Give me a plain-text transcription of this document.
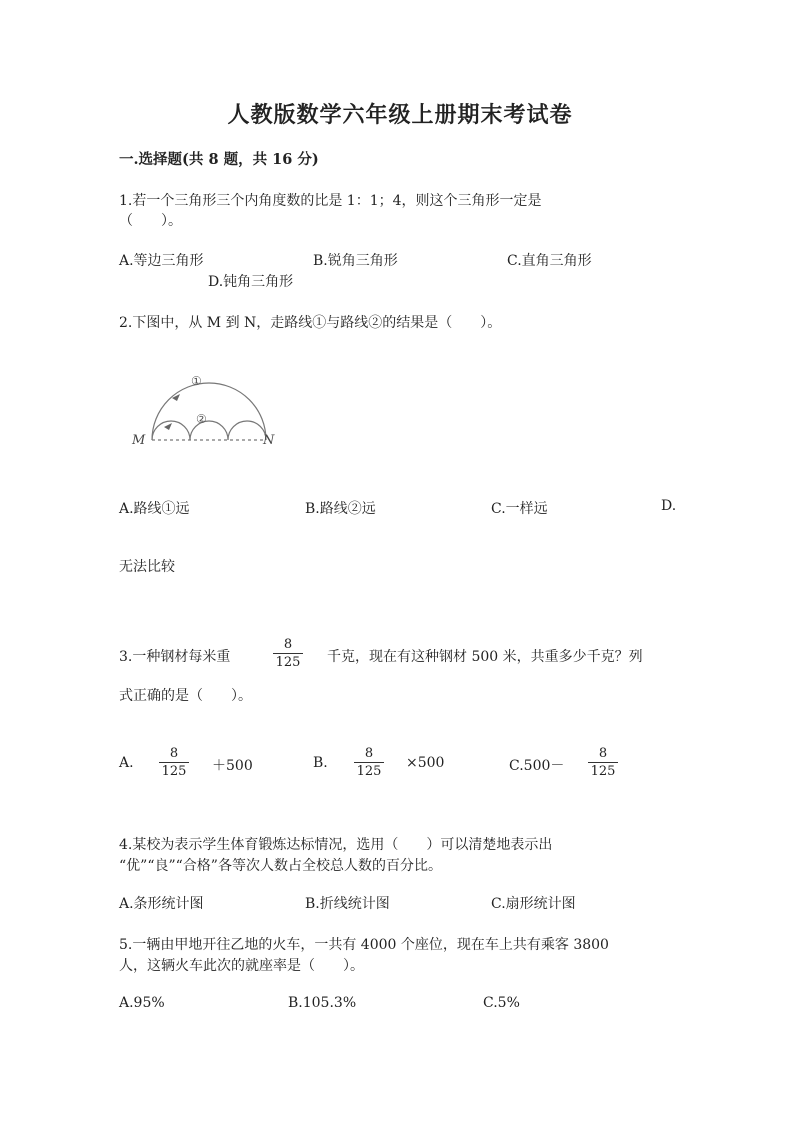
人教版数学六年级上册期末考试卷
一.选择题(共 8 题，共 16 分)
1.若一个三角形三个内角度数的比是 1：1；4，则这个三角形一定是
（　　）。
A.等边三角形	B.锐角三角形	C.直角三角形
D.钝角三角形
2.下图中，从 M 到 N，走路线①与路线②的结果是（　　）。
①
②
M	N
A.路线①远	B.路线②远	C.一样远	D.
无法比较
3.一种钢材每米重
8
125 千克，现在有这种钢材 500 米，共重多少千克？列
式正确的是（　　）。
A.
8
125 ＋500	B.
8
125
×500	C.500－
8
125
4.某校为表示学生体育锻炼达标情况，选用（　　）可以清楚地表示出
“优”“良”“合格”各等次人数占全校总人数的百分比。
A.条形统计图	B.折线统计图	C.扇形统计图
5.一辆由甲地开往乙地的火车，一共有 4000 个座位，现在车上共有乘客 3800
人，这辆火车此次的就座率是（　　）。
A.95%	B.105.3%	C.5%
